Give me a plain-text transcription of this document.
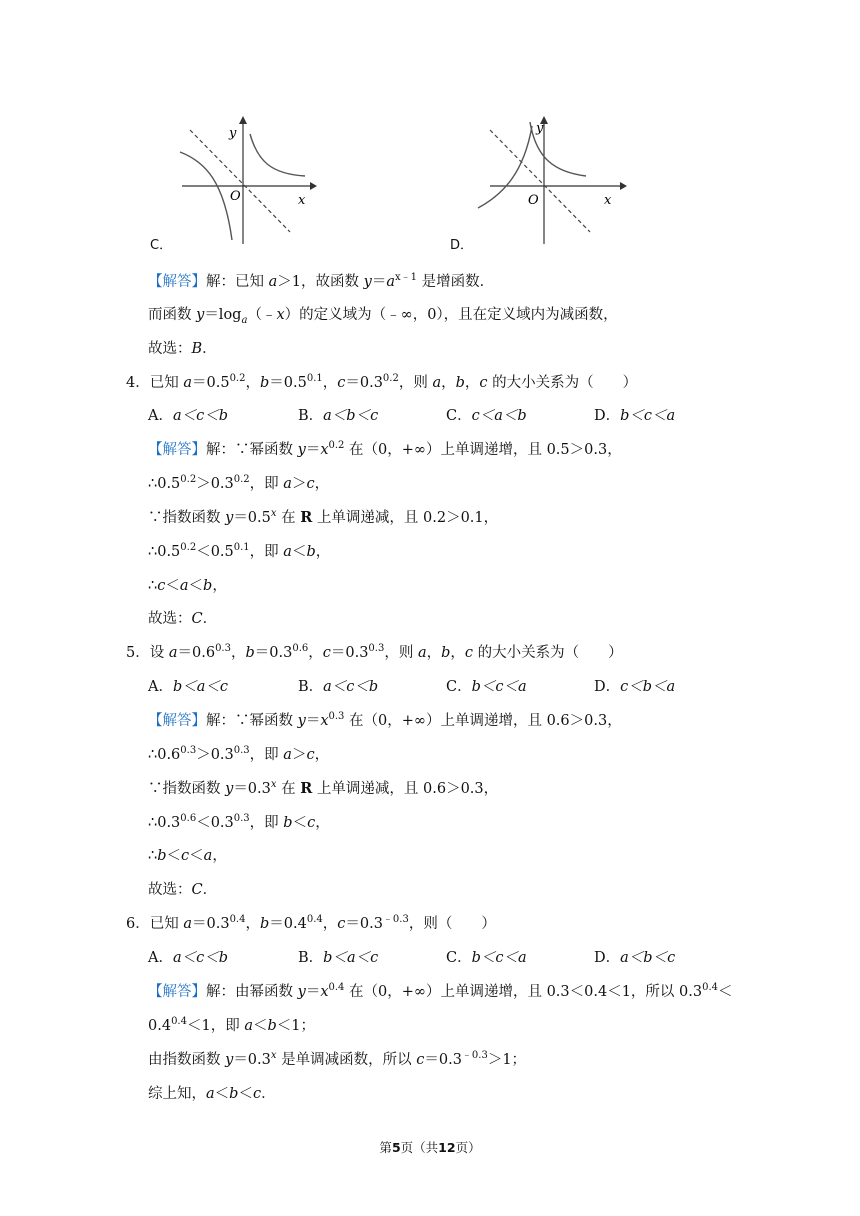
y
x
O
C．
y
x
O
D．
【解答】解：已知 a＞1，故函数 $y=a^{x﹣1}$ 是增函数．
而函数 $y=\log_a(﹣x)$的定义域为（﹣∞，0），且在定义域内为减函数，
故选：B．
4．已知 $a=0.5^{0.2}$，$b=0.5^{0.1}$，$c=0.3^{0.2}$，则 a，b，c 的大小关系为（　　）
A．a＜c＜b	B．a＜b＜c	C．c＜a＜b	D．b＜c＜a
【解答】解：∵幂函数 $y=x^{0.2}$ 在（0，+∞）上单调递增，且 0.5＞0.3，
$\therefore 0.5^{0.2}>0.3^{0.2}$，即 a＞c，
∵指数函数 $y=0.5^x$ 在 R 上单调递减，且 0.2＞0.1，
$\therefore 0.5^{0.2}<0.5^{0.1}$，即 a＜b，
∴c＜a＜b，
故选：C．
5．设 $a=0.6^{0.3}$，$b=0.3^{0.6}$，$c=0.3^{0.3}$，则 a，b，c 的大小关系为（　　）
A．b＜a＜c	B．a＜c＜b	C．b＜c＜a	D．c＜b＜a
【解答】解：∵幂函数 $y=x^{0.3}$ 在（0，+∞）上单调递增，且 0.6＞0.3，
$\therefore 0.6^{0.3}>0.3^{0.3}$，即 a＞c，
∵指数函数 $y=0.3^x$ 在 R 上单调递减，且 0.6＞0.3，
$\therefore 0.3^{0.6}<0.3^{0.3}$，即 b＜c，
∴b＜c＜a，
故选：C．
6．已知 $a=0.3^{0.4}$，$b=0.4^{0.4}$，$c=0.3^{﹣0.3}$，则（　　）
A．a＜c＜b	B．b＜a＜c	C．b＜c＜a	D．a＜b＜c
【解答】解：由幂函数 $y=x^{0.4}$ 在（0，+∞）上单调递增，且 0.3＜0.4＜1，所以 $0.3^{0.4}<$
$0.4^{0.4}<1$，即 a＜b＜1；
由指数函数 $y=0.3^x$ 是单调减函数，所以 $c=0.3^{﹣0.3}>1$；
综上知，a＜b＜c．
第5页（共12页）
